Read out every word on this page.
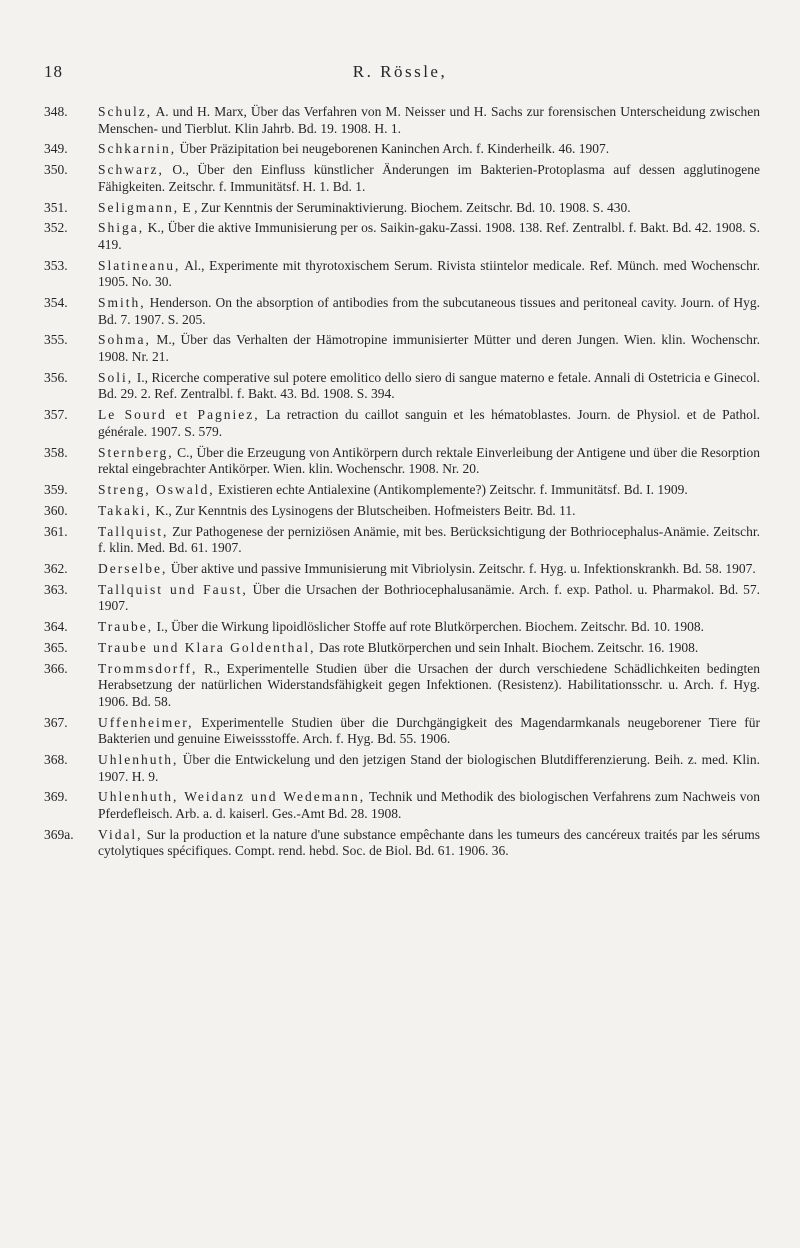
18	R. Rössle,
348.	Schulz, A. und H. Marx, Über das Verfahren von M. Neisser und H. Sachs zur forensischen Unterscheidung zwischen Menschen- und Tierblut. Klin Jahrb. Bd. 19. 1908. H. 1.
349.	Schkarnin, Über Präzipitation bei neugeborenen Kaninchen Arch. f. Kinderheilk. 46. 1907.
350.	Schwarz, O., Über den Einfluss künstlicher Änderungen im Bakterien-Protoplasma auf dessen agglutinogene Fähigkeiten. Zeitschr. f. Immunitätsf. H. 1. Bd. 1.
351.	Seligmann, E , Zur Kenntnis der Seruminaktivierung. Biochem. Zeitschr. Bd. 10. 1908. S. 430.
352.	Shiga, K., Über die aktive Immunisierung per os. Saikin-gaku-Zassi. 1908. 138. Ref. Zentralbl. f. Bakt. Bd. 42. 1908. S. 419.
353.	Slatineanu, Al., Experimente mit thyrotoxischem Serum. Rivista stiintelor medicale. Ref. Münch. med Wochenschr. 1905. No. 30.
354.	Smith, Henderson. On the absorption of antibodies from the subcutaneous tissues and peritoneal cavity. Journ. of Hyg. Bd. 7. 1907. S. 205.
355.	Sohma, M., Über das Verhalten der Hämotropine immunisierter Mütter und deren Jungen. Wien. klin. Wochenschr. 1908. Nr. 21.
356.	Soli, I., Ricerche comperative sul potere emolitico dello siero di sangue materno e fetale. Annali di Ostetricia e Ginecol. Bd. 29. 2. Ref. Zentralbl. f. Bakt. 43. Bd. 1908. S. 394.
357.	Le Sourd et Pagniez, La retraction du caillot sanguin et les hématoblastes. Journ. de Physiol. et de Pathol. générale. 1907. S. 579.
358.	Sternberg, C., Über die Erzeugung von Antikörpern durch rektale Einverleibung der Antigene und über die Resorption rektal eingebrachter Antikörper. Wien. klin. Wochenschr. 1908. Nr. 20.
359.	Streng, Oswald, Existieren echte Antialexine (Antikomplemente?) Zeitschr. f. Immunitätsf. Bd. I. 1909.
360.	Takaki, K., Zur Kenntnis des Lysinogens der Blutscheiben. Hofmeisters Beitr. Bd. 11.
361.	Tallquist, Zur Pathogenese der perniziösen Anämie, mit bes. Berücksichtigung der Bothriocephalus-Anämie. Zeitschr. f. klin. Med. Bd. 61. 1907.
362.	Derselbe, Über aktive und passive Immunisierung mit Vibriolysin. Zeitschr. f. Hyg. u. Infektionskrankh. Bd. 58. 1907.
363.	Tallquist und Faust, Über die Ursachen der Bothriocephalusanämie. Arch. f. exp. Pathol. u. Pharmakol. Bd. 57. 1907.
364.	Traube, I., Über die Wirkung lipoidlöslicher Stoffe auf rote Blutkörperchen. Biochem. Zeitschr. Bd. 10. 1908.
365.	Traube und Klara Goldenthal, Das rote Blutkörperchen und sein Inhalt. Biochem. Zeitschr. 16. 1908.
366.	Trommsdorff, R., Experimentelle Studien über die Ursachen der durch verschiedene Schädlichkeiten bedingten Herabsetzung der natürlichen Widerstandsfähigkeit gegen Infektionen. (Resistenz). Habilitationsschr. u. Arch. f. Hyg. 1906. Bd. 58.
367.	Uffenheimer, Experimentelle Studien über die Durchgängigkeit des Magendarmkanals neugeborener Tiere für Bakterien und genuine Eiweissstoffe. Arch. f. Hyg. Bd. 55. 1906.
368.	Uhlenhuth, Über die Entwickelung und den jetzigen Stand der biologischen Blutdifferenzierung. Beih. z. med. Klin. 1907. H. 9.
369.	Uhlenhuth, Weidanz und Wedemann, Technik und Methodik des biologischen Verfahrens zum Nachweis von Pferdefleisch. Arb. a. d. kaiserl. Ges.-Amt Bd. 28. 1908.
369a.	Vidal, Sur la production et la nature d'une substance empêchante dans les tumeurs des cancéreux traités par les sérums cytolytiques spécifiques. Compt. rend. hebd. Soc. de Biol. Bd. 61. 1906. 36.
